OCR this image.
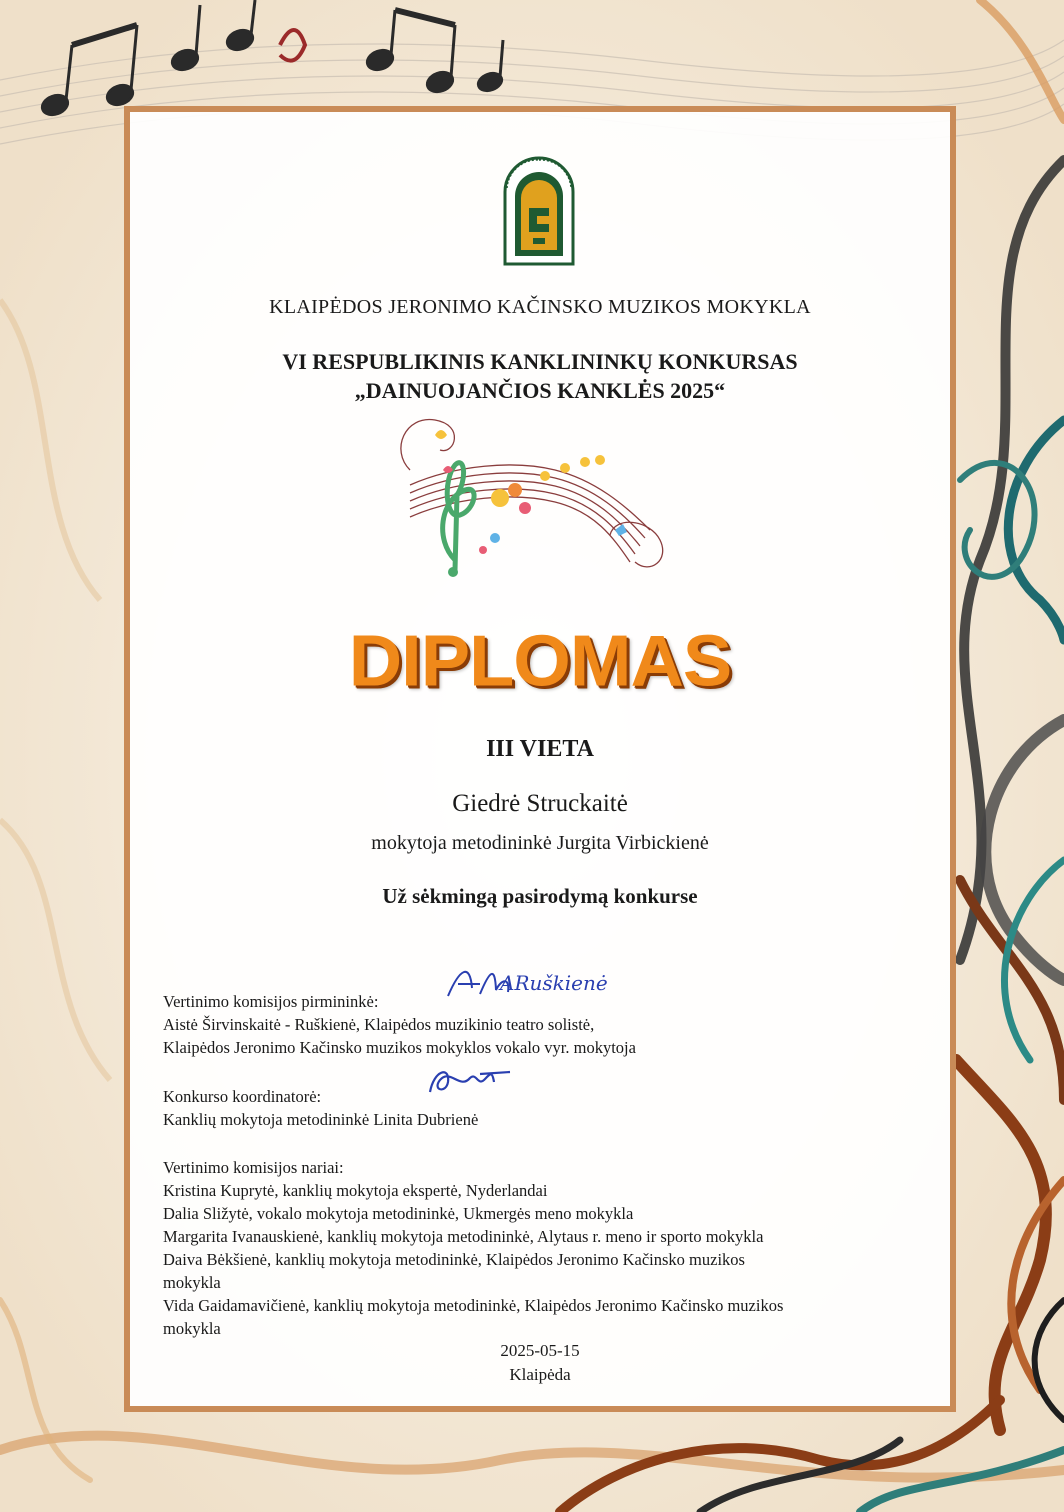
KLAIPĖDOS JERONIMO KAČINSKO MUZIKOS MOKYKLA
VI RESPUBLIKINIS KANKLININKŲ KONKURSAS
„DAINUOJANČIOS KANKLĖS 2025“
DIPLOMAS
III VIETA
Giedrė Struckaitė
mokytoja metodininkė Jurgita Virbickienė
Už sėkmingą pasirodymą konkurse
ARuškienė
Vertinimo komisijos pirmininkė:
Aistė Širvinskaitė - Ruškienė, Klaipėdos muzikinio teatro solistė,
Klaipėdos Jeronimo Kačinsko muzikos mokyklos vokalo vyr. mokytoja
Konkurso koordinatorė:
Kanklių mokytoja metodininkė Linita Dubrienė
Vertinimo komisijos nariai:
Kristina Kuprytė, kanklių mokytoja ekspertė, Nyderlandai
Dalia Sližytė, vokalo mokytoja metodininkė, Ukmergės meno mokykla
Margarita Ivanauskienė, kanklių mokytoja metodininkė, Alytaus r. meno ir sporto mokykla
Daiva Bėkšienė, kanklių mokytoja metodininkė, Klaipėdos Jeronimo Kačinsko muzikos
mokykla
Vida Gaidamavičienė, kanklių mokytoja metodininkė, Klaipėdos Jeronimo Kačinsko muzikos
mokykla
2025-05-15
Klaipėda
